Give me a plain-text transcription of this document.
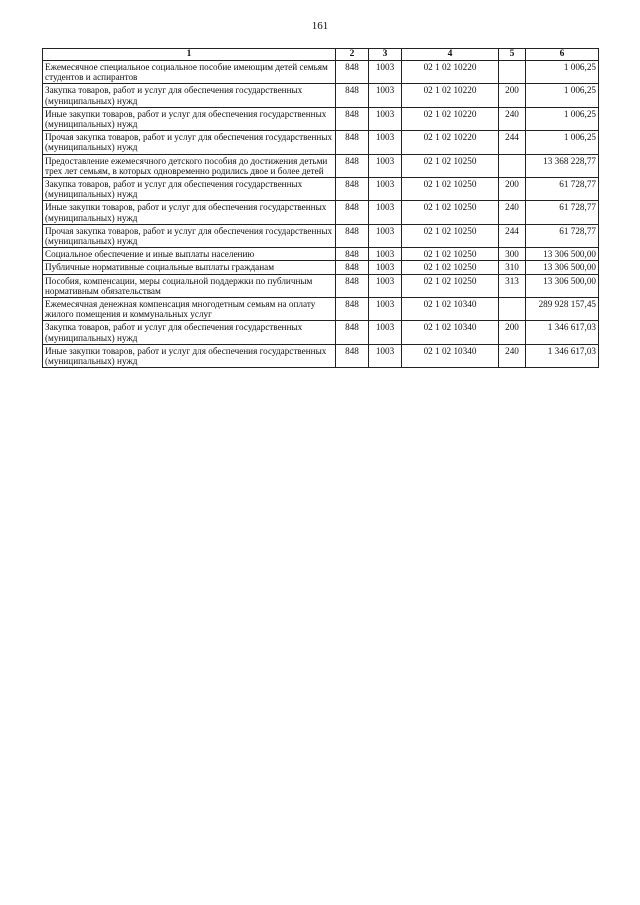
161
1	2	3	4	5	6
Ежемесячное специальное социальное пособие имеющим детей семьям студентов и аспирантов	848	1003	02 1 02 10220		1 006,25
Закупка товаров, работ и услуг для обеспечения государственных (муниципальных) нужд	848	1003	02 1 02 10220	200	1 006,25
Иные закупки товаров, работ и услуг для обеспечения государственных (муниципальных) нужд	848	1003	02 1 02 10220	240	1 006,25
Прочая закупка товаров, работ и услуг для обеспечения государственных (муниципальных) нужд	848	1003	02 1 02 10220	244	1 006,25
Предоставление ежемесячного детского пособия до достижения детьми трех лет семьям, в которых одновременно родились двое и более детей	848	1003	02 1 02 10250		13 368 228,77
Закупка товаров, работ и услуг для обеспечения государственных (муниципальных) нужд	848	1003	02 1 02 10250	200	61 728,77
Иные закупки товаров, работ и услуг для обеспечения государственных (муниципальных) нужд	848	1003	02 1 02 10250	240	61 728,77
Прочая закупка товаров, работ и услуг для обеспечения государственных (муниципальных) нужд	848	1003	02 1 02 10250	244	61 728,77
Социальное обеспечение и иные выплаты населению	848	1003	02 1 02 10250	300	13 306 500,00
Публичные нормативные социальные выплаты гражданам	848	1003	02 1 02 10250	310	13 306 500,00
Пособия, компенсации, меры социальной поддержки по публичным нормативным обязательствам	848	1003	02 1 02 10250	313	13 306 500,00
Ежемесячная денежная компенсация многодетным семьям на оплату жилого помещения и коммунальных услуг	848	1003	02 1 02 10340		289 928 157,45
Закупка товаров, работ и услуг для обеспечения государственных (муниципальных) нужд	848	1003	02 1 02 10340	200	1 346 617,03
Иные закупки товаров, работ и услуг для обеспечения государственных (муниципальных) нужд	848	1003	02 1 02 10340	240	1 346 617,03
